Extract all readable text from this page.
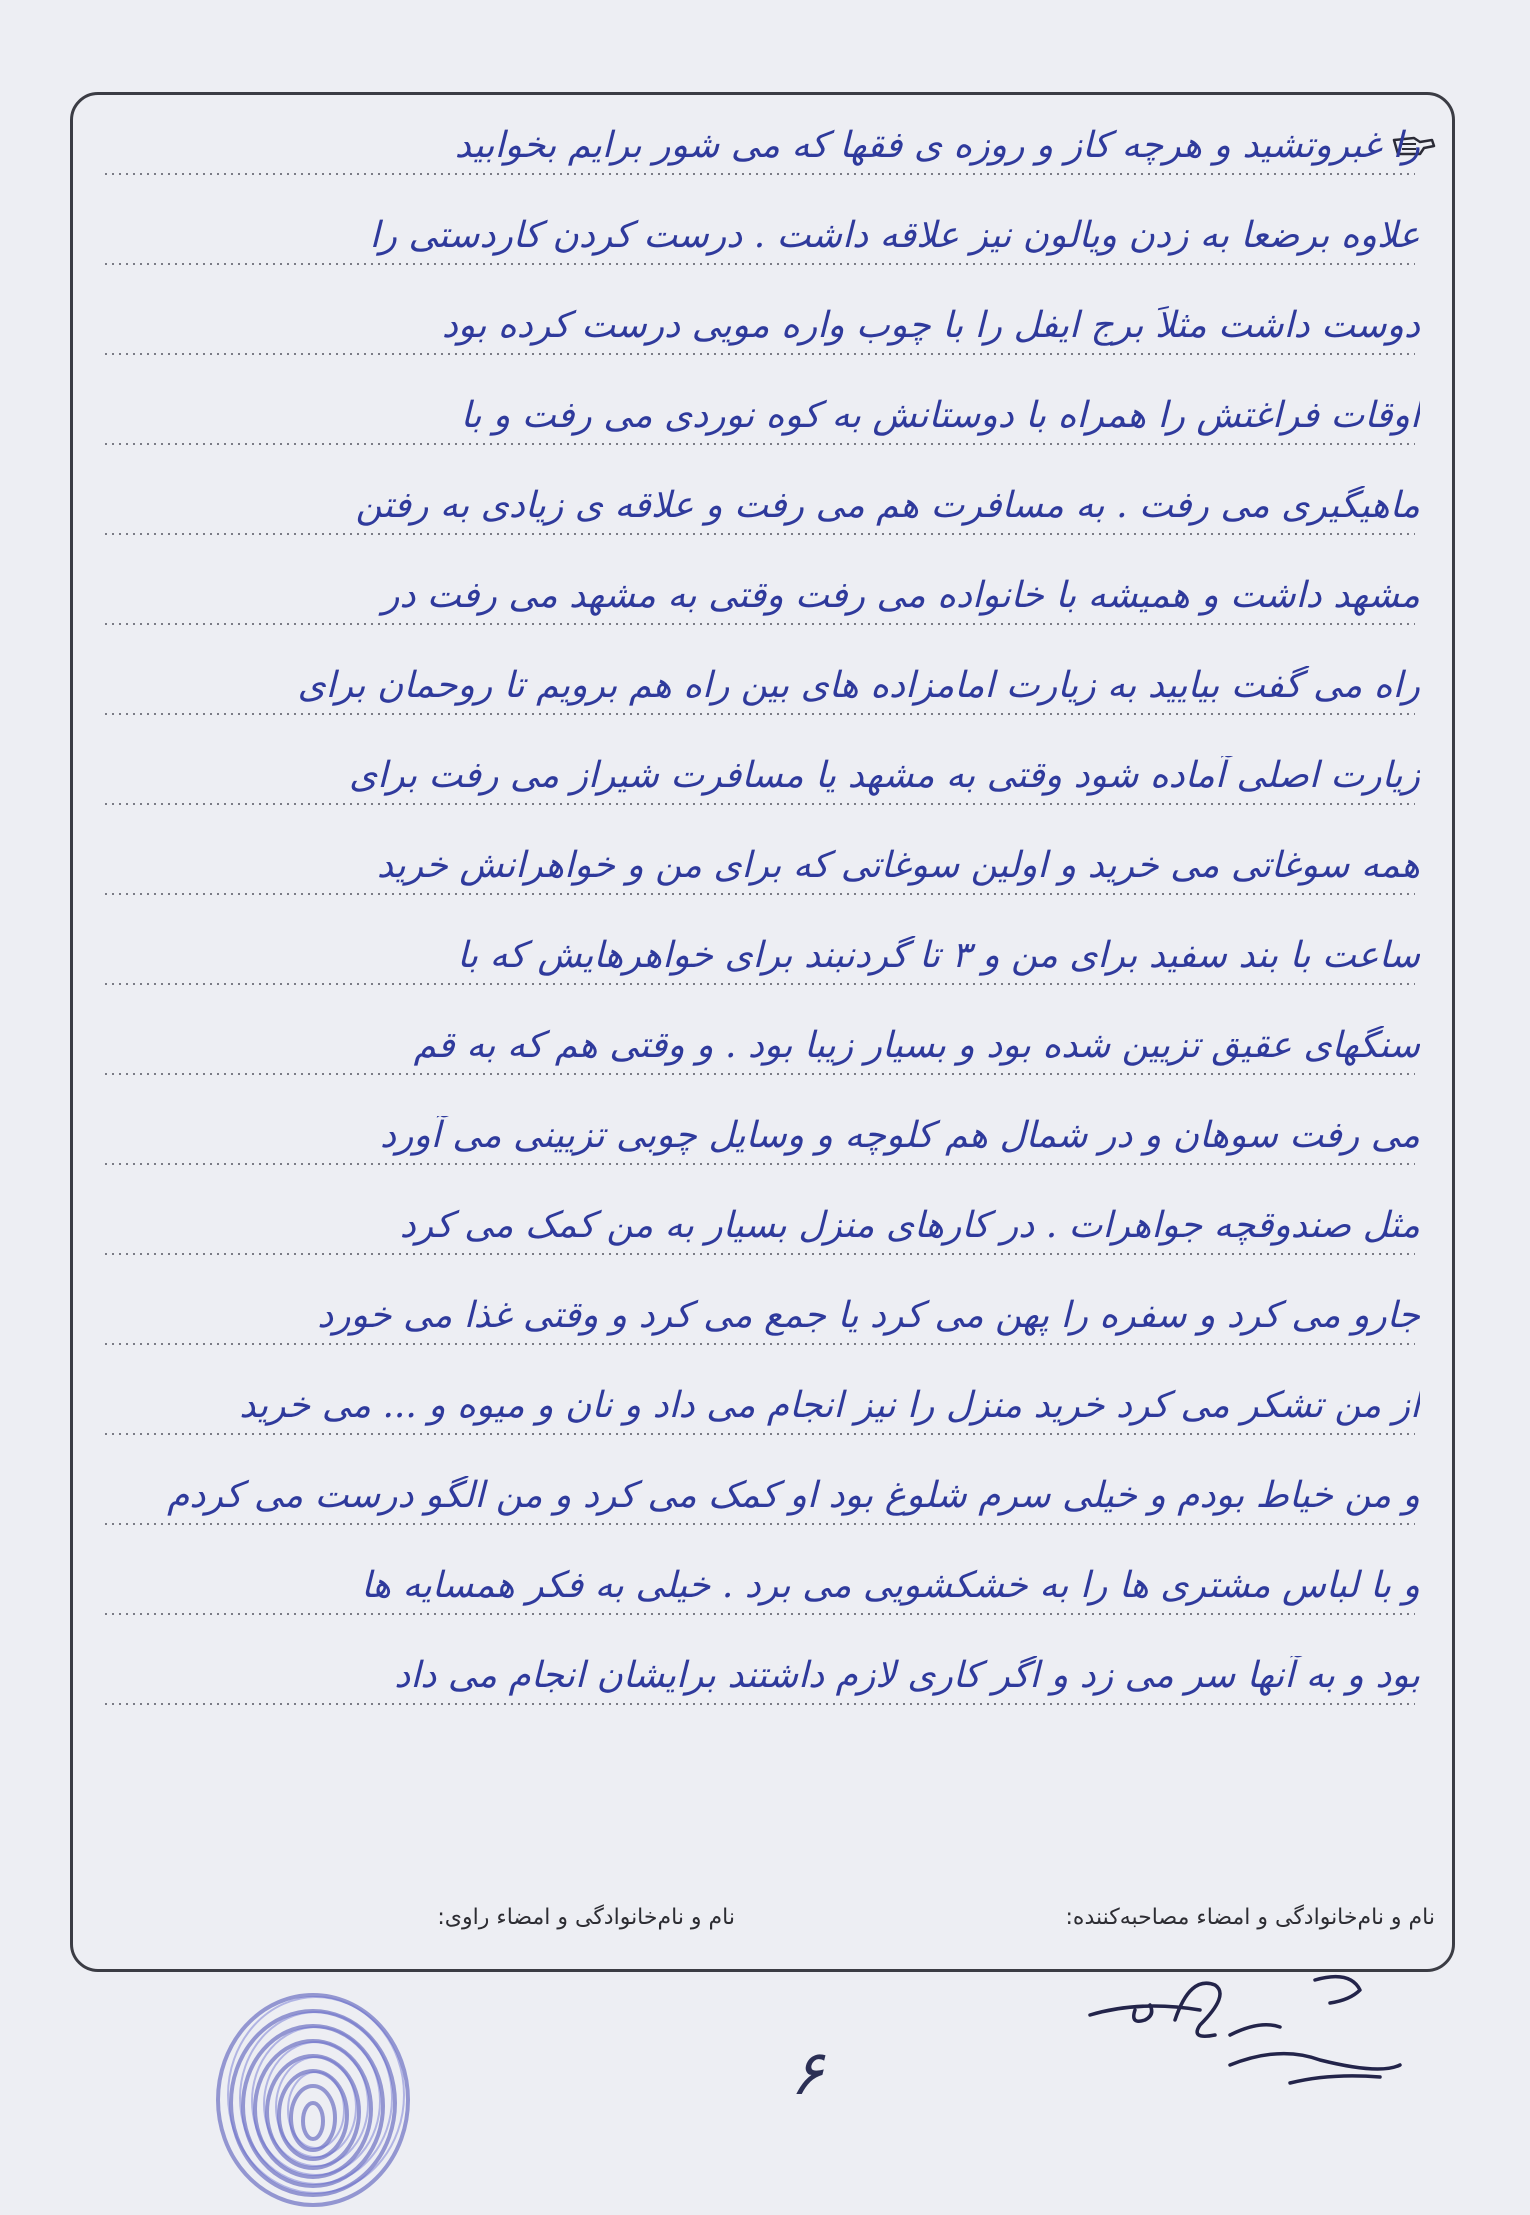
را غبروتشید و هرچه کاز و روزه ی فقها که می شور برایم بخوابید
علاوه برضعا به زدن ویالون نیز علاقه داشت . درست کردن کاردستی را
دوست داشت مثلاً برج ایفل را با چوب واره مویی درست کرده بود
اوقات فراغتش را همراه با دوستانش به کوه نوردی می رفت و با
ماهیگیری می رفت . به مسافرت هم می رفت و علاقه ی زیادی به رفتن
مشهد داشت و همیشه با خانواده می رفت وقتی به مشهد می رفت در
راه می گفت بیایید به زیارت امامزاده های بین راه هم برویم تا روحمان برای
زیارت اصلی آماده شود وقتی به مشهد یا مسافرت شیراز می رفت برای
همه سوغاتی می خرید و اولین سوغاتی که برای من و خواهرانش خرید
ساعت با بند سفید برای من و ۳ تا گردنبند برای خواهرهایش که با
سنگهای عقیق تزیین شده بود و بسیار زیبا بود . و وقتی هم که به قم
می رفت سوهان و در شمال هم کلوچه و وسایل چوبی تزیینی می آورد
مثل صندوقچه جواهرات . در کارهای منزل بسیار به من کمک می کرد
جارو می کرد و سفره را پهن می کرد یا جمع می کرد و وقتی غذا می خورد
از من تشکر می کرد خرید منزل را نیز انجام می داد و نان و میوه و ... می خرید
و من خیاط بودم و خیلی سرم شلوغ بود او کمک می کرد و من الگو درست می کردم
و با لباس مشتری ها را به خشکشویی می برد . خیلی به فکر همسایه ها
بود و به آنها سر می زد و اگر کاری لازم داشتند برایشان انجام می داد
نام و نام‌خانوادگی و امضاء مصاحبه‌کننده:
نام و نام‌خانوادگی و امضاء راوی:
۶
